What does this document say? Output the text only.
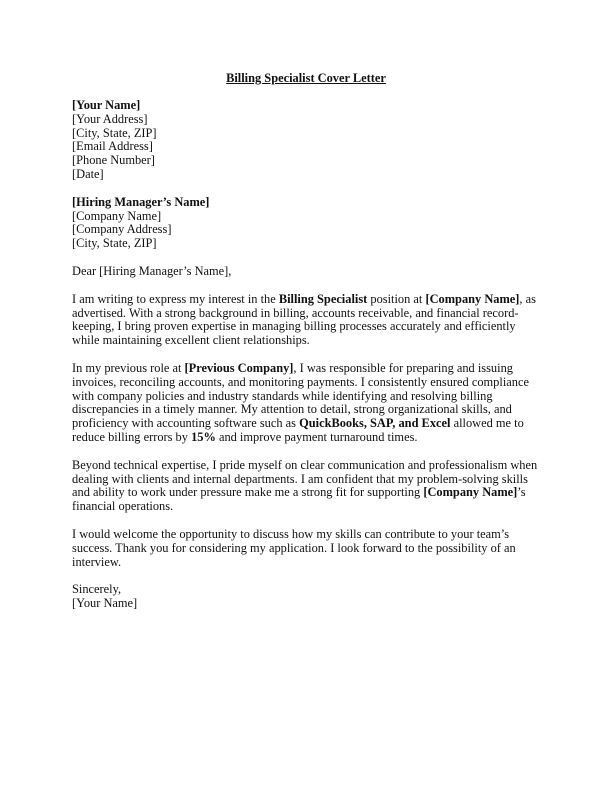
Billing Specialist Cover Letter
[Your Name]
[Your Address]
[City, State, ZIP]
[Email Address]
[Phone Number]
[Date]
[Hiring Manager’s Name]
[Company Name]
[Company Address]
[City, State, ZIP]

Dear [Hiring Manager’s Name],

I am writing to express my interest in the Billing Specialist position at [Company Name], as advertised. With a strong background in billing, accounts receivable, and financial record-keeping, I bring proven expertise in managing billing processes accurately and efficiently while maintaining excellent client relationships.

In my previous role at [Previous Company], I was responsible for preparing and issuing invoices, reconciling accounts, and monitoring payments. I consistently ensured compliance with company policies and industry standards while identifying and resolving billing discrepancies in a timely manner. My attention to detail, strong organizational skills, and proficiency with accounting software such as QuickBooks, SAP, and Excel allowed me to reduce billing errors by 15% and improve payment turnaround times.

Beyond technical expertise, I pride myself on clear communication and professionalism when dealing with clients and internal departments. I am confident that my problem-solving skills and ability to work under pressure make me a strong fit for supporting [Company Name]’s financial operations.

I would welcome the opportunity to discuss how my skills can contribute to your team’s success. Thank you for considering my application. I look forward to the possibility of an interview.

Sincerely,
[Your Name]
